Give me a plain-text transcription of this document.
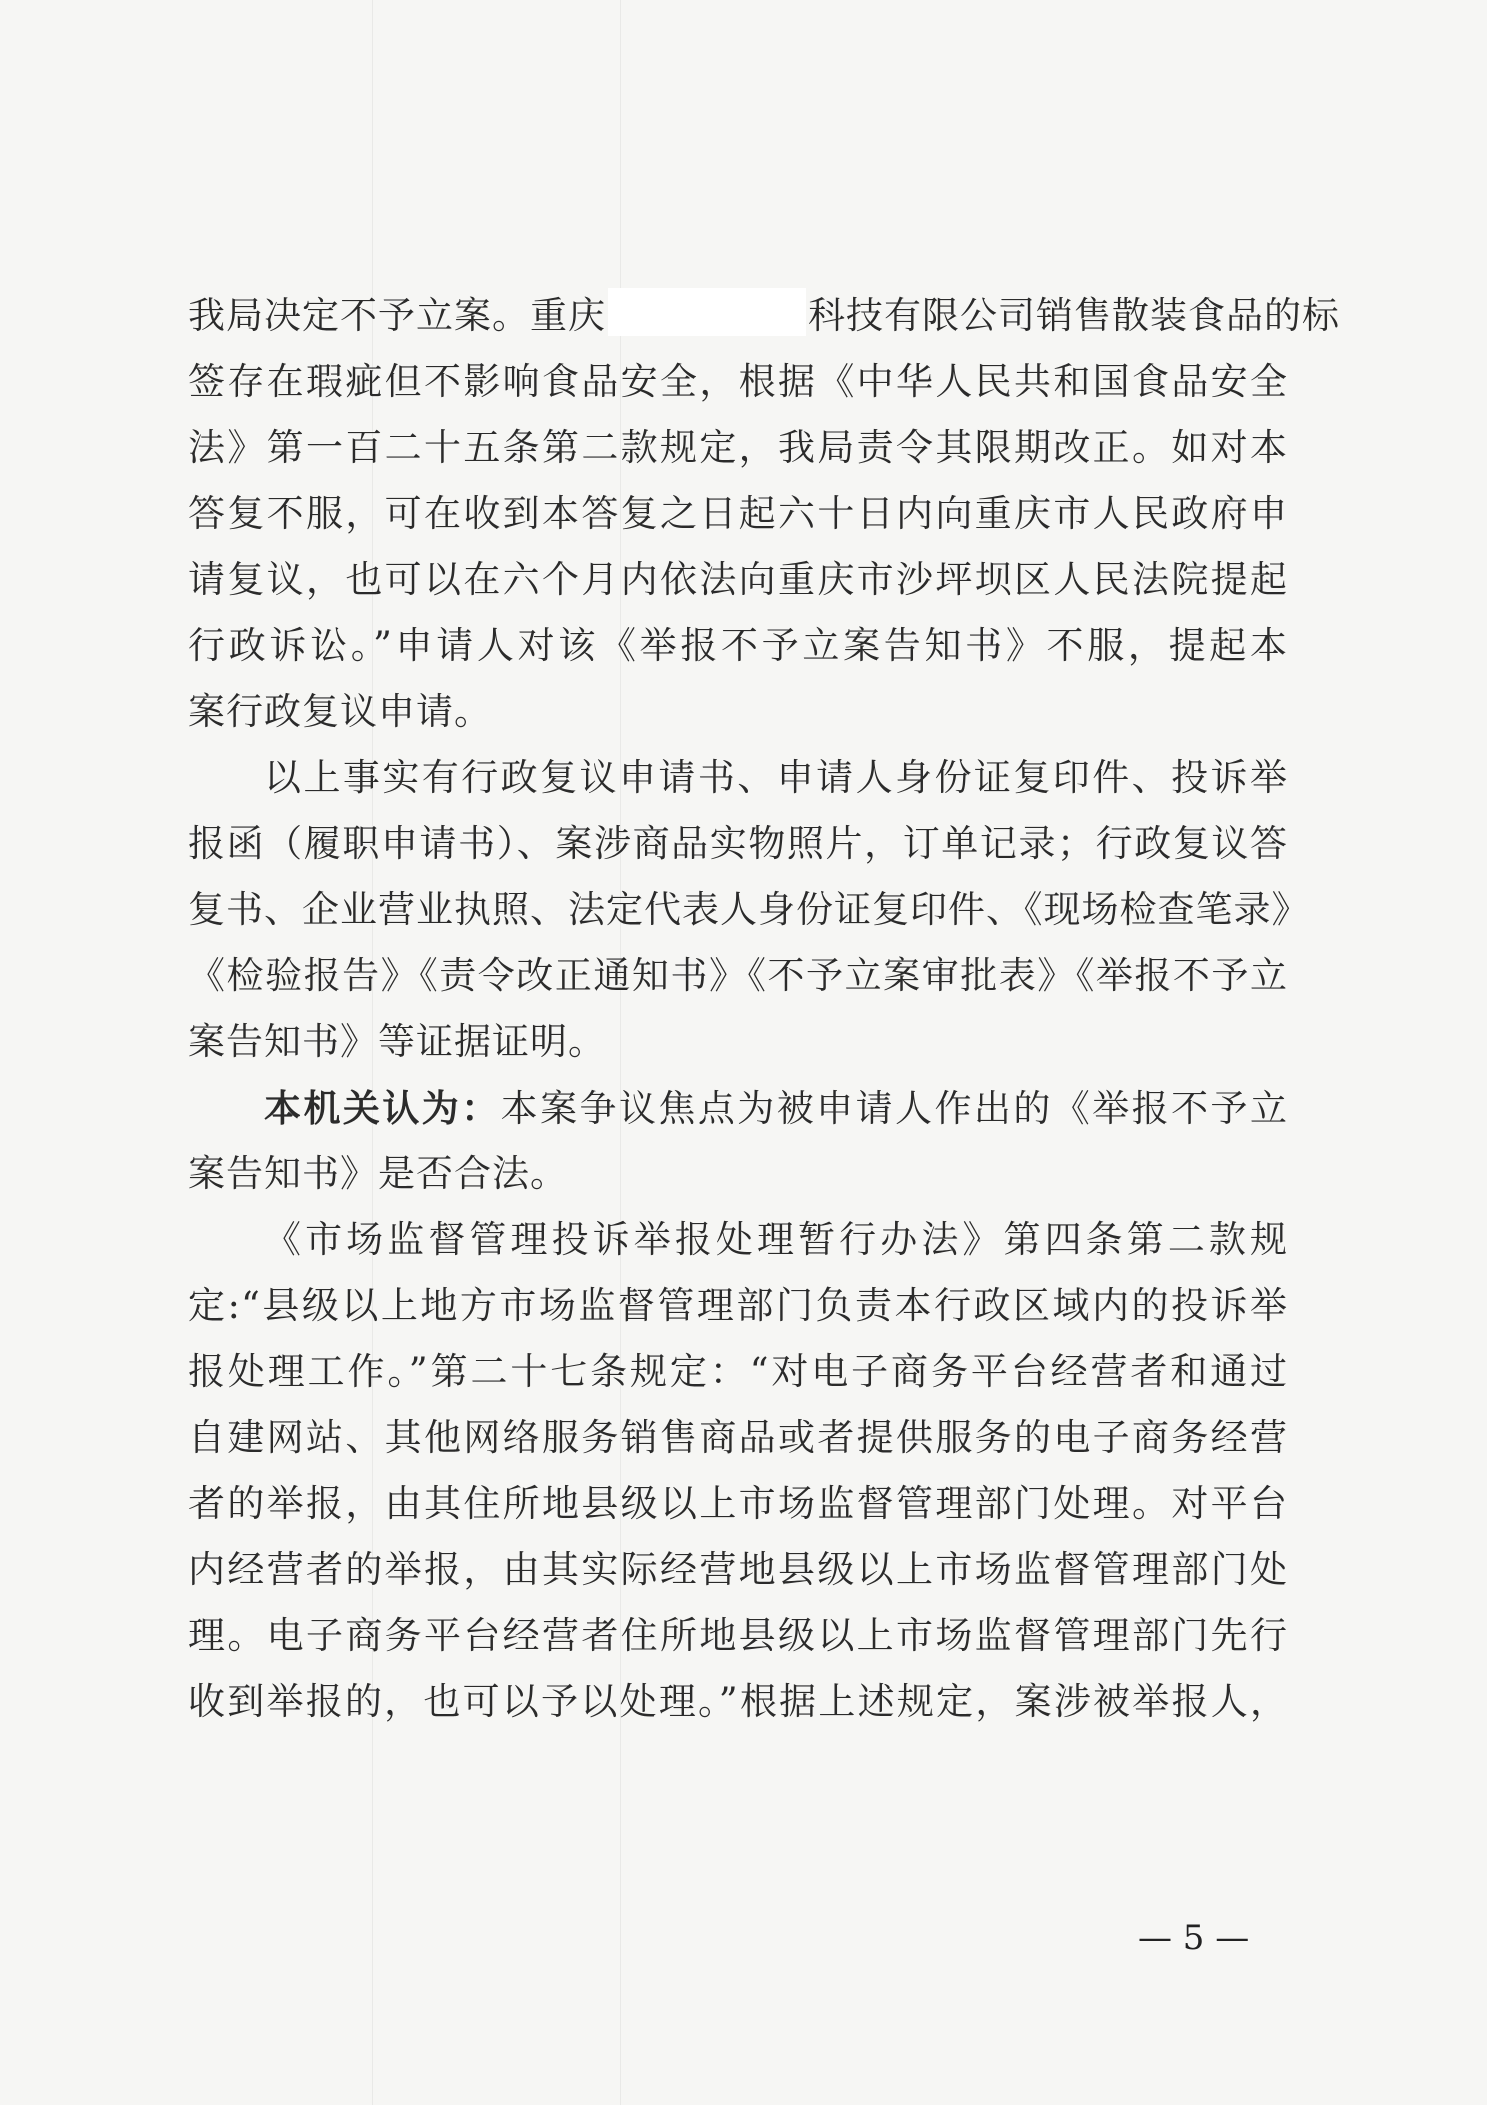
我局决定不予立案。重庆	科技有限公司销售散装食品的标
签存在瑕疵但不影响食品安全，根据《中华人民共和国食品安全
法》第一百二十五条第二款规定，我局责令其限期改正。如对本
答复不服，可在收到本答复之日起六十日内向重庆市人民政府申
请复议，也可以在六个月内依法向重庆市沙坪坝区人民法院提起
行政诉讼。”申请人对该《举报不予立案告知书》不服，提起本
案行政复议申请。
以上事实有行政复议申请书、申请人身份证复印件、投诉举
报函（履职申请书）、案涉商品实物照片，订单记录；行政复议答
复书、企业营业执照、法定代表人身份证复印件、《现场检查笔录》
《检验报告》《责令改正通知书》《不予立案审批表》《举报不予立
案告知书》等证据证明。
本机关认为：本案争议焦点为被申请人作出的《举报不予立
案告知书》是否合法。
《市场监督管理投诉举报处理暂行办法》第四条第二款规
定:“县级以上地方市场监督管理部门负责本行政区域内的投诉举
报处理工作。”第二十七条规定：“对电子商务平台经营者和通过
自建网站、其他网络服务销售商品或者提供服务的电子商务经营
者的举报，由其住所地县级以上市场监督管理部门处理。对平台
内经营者的举报，由其实际经营地县级以上市场监督管理部门处
理。电子商务平台经营者住所地县级以上市场监督管理部门先行
收到举报的，也可以予以处理。”根据上述规定，案涉被举报人，
— 5 —
